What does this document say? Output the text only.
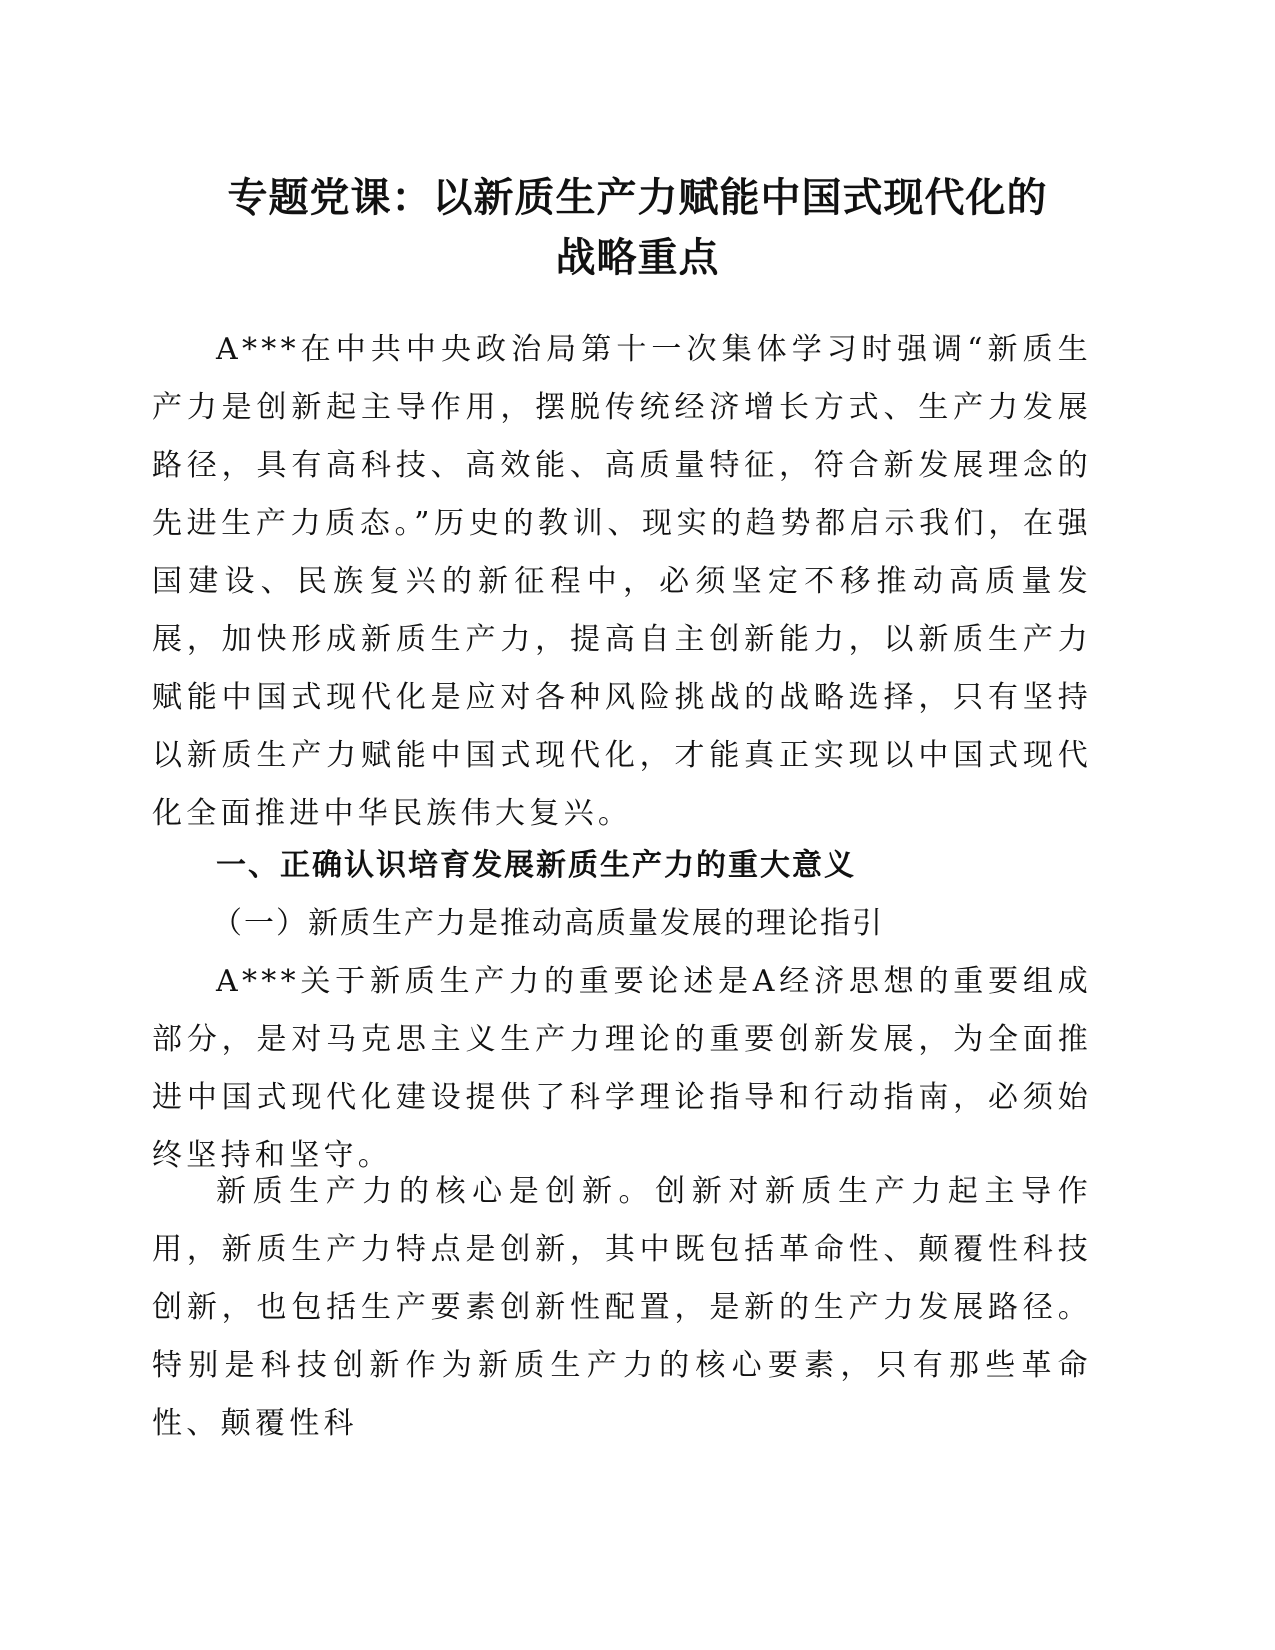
专题党课：以新质生产力赋能中国式现代化的
战略重点

A***在中共中央政治局第十一次集体学习时强调“新质生产力是创新起主导作用，摆脱传统经济增长方式、生产力发展路径，具有高科技、高效能、高质量特征，符合新发展理念的先进生产力质态。”历史的教训、现实的趋势都启示我们，在强国建设、民族复兴的新征程中，必须坚定不移推动高质量发展，加快形成新质生产力，提高自主创新能力，以新质生产力赋能中国式现代化是应对各种风险挑战的战略选择，只有坚持以新质生产力赋能中国式现代化，才能真正实现以中国式现代化全面推进中华民族伟大复兴。

一、正确认识培育发展新质生产力的重大意义

（一）新质生产力是推动高质量发展的理论指引

A***关于新质生产力的重要论述是A经济思想的重要组成部分，是对马克思主义生产力理论的重要创新发展，为全面推进中国式现代化建设提供了科学理论指导和行动指南，必须始终坚持和坚守。

新质生产力的核心是创新。创新对新质生产力起主导作用，新质生产力特点是创新，其中既包括革命性、颠覆性科技创新，也包括生产要素创新性配置，是新的生产力发展路径。特别是科技创新作为新质生产力的核心要素，只有那些革命性、颠覆性科
